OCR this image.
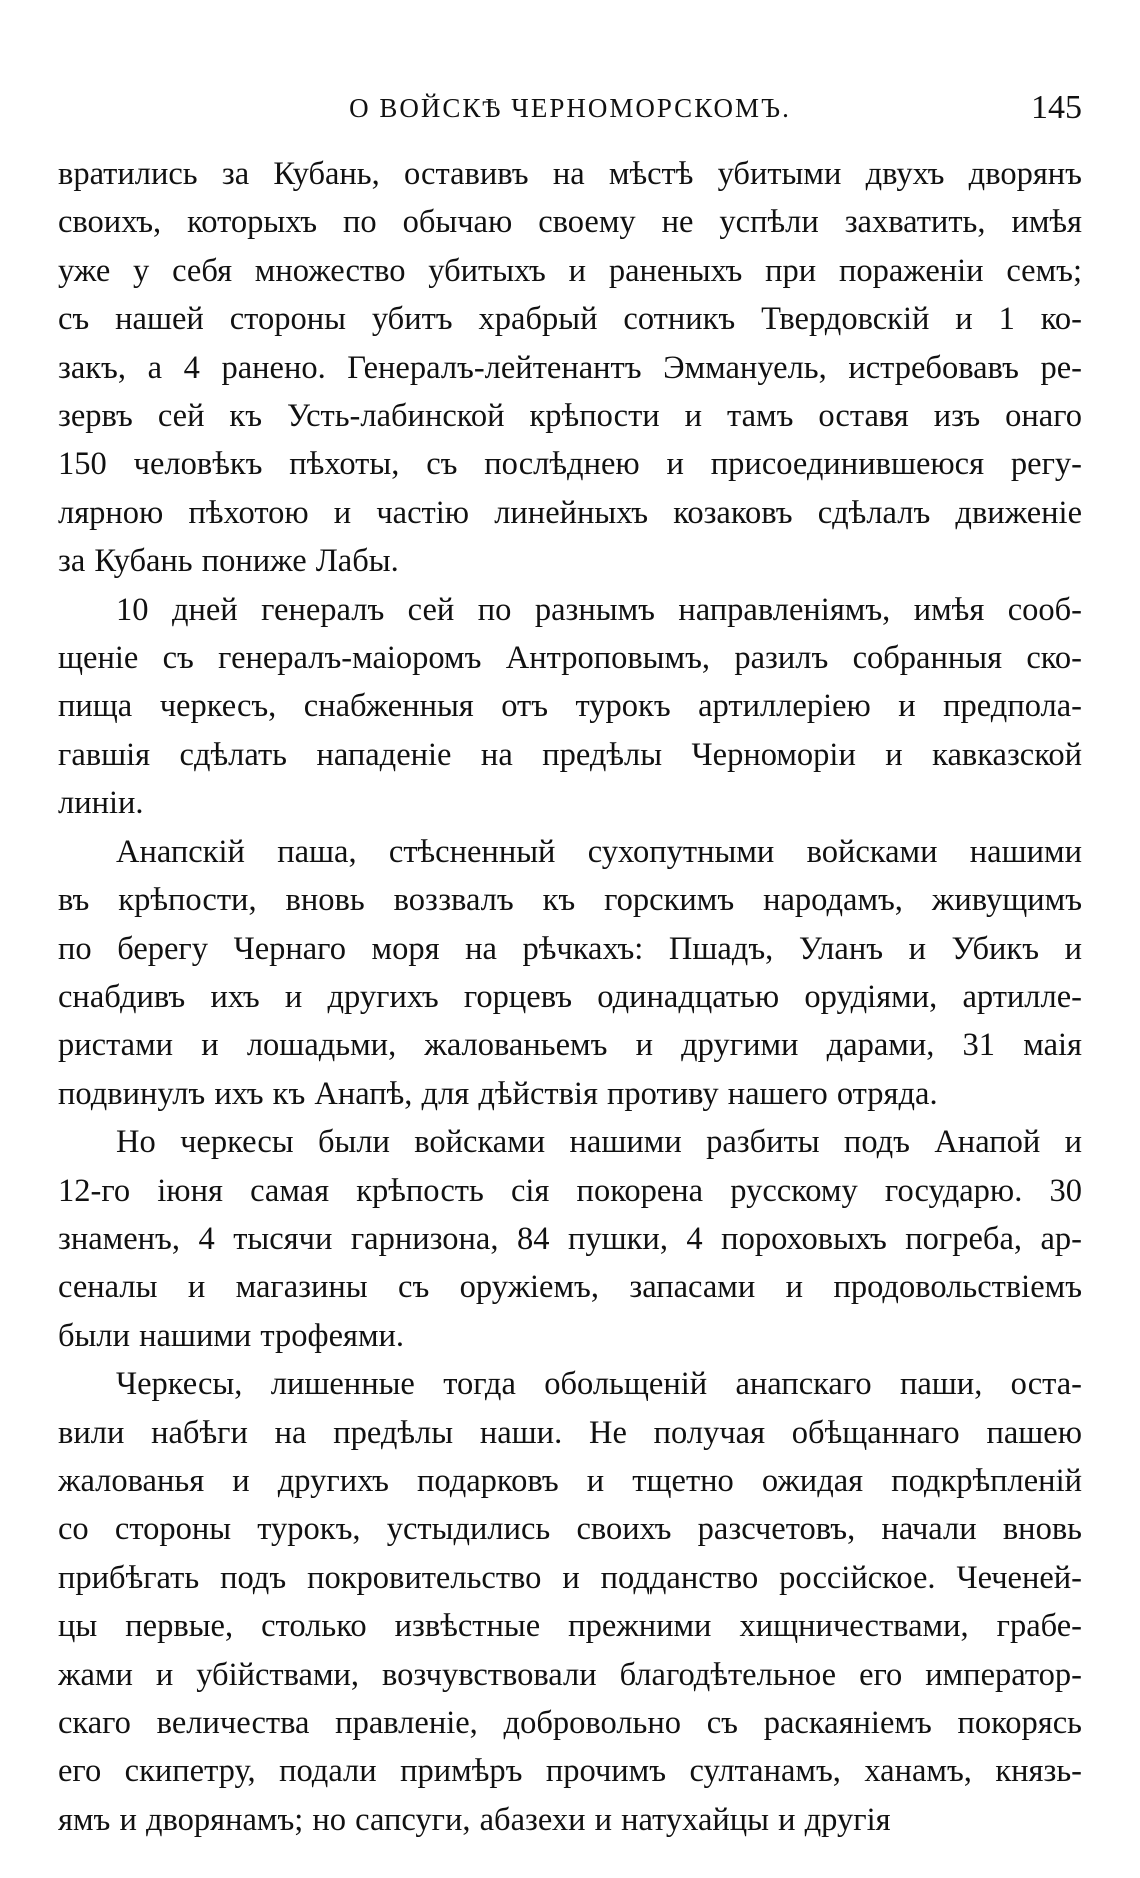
О ВОЙСКѢ ЧЕРНОМОРСКОМЪ.	145
вратились за Кубань, оставивъ на мѣстѣ убитыми двухъ дворянъ
своихъ, которыхъ по обычаю своему не успѣли захватить, имѣя
уже у себя множество убитыхъ и раненыхъ при пораженіи семъ;
съ нашей стороны убитъ храбрый сотникъ Твердовскій и 1 ко-
закъ, а 4 ранено. Генералъ-лейтенантъ Эммануель, истребовавъ ре-
зервъ сей къ Усть-лабинской крѣпости и тамъ оставя изъ онаго
150 человѣкъ пѣхоты, съ послѣднею и присоединившеюся регу-
лярною пѣхотою и частію линейныхъ козаковъ сдѣлалъ движеніе
за Кубань пониже Лабы.
10 дней генералъ сей по разнымъ направленіямъ, имѣя сооб-
щеніе съ генералъ-маіоромъ Антроповымъ, разилъ собранныя ско-
пища черкесъ, снабженныя отъ турокъ артиллеріею и предпола-
гавшія сдѣлать нападеніе на предѣлы Черноморіи и кавказской
линіи.
Анапскій паша, стѣсненный сухопутными войсками нашими
въ крѣпости, вновь воззвалъ къ горскимъ народамъ, живущимъ
по берегу Чернаго моря на рѣчкахъ: Пшадъ, Уланъ и Убикъ и
снабдивъ ихъ и другихъ горцевъ одинадцатью орудіями, артилле-
ристами и лошадьми, жалованьемъ и другими дарами, 31 маія
подвинулъ ихъ къ Анапѣ, для дѣйствія противу нашего отряда.
Но черкесы были войсками нашими разбиты подъ Анапой и
12-го іюня самая крѣпость сія покорена русскому государю. 30
знаменъ, 4 тысячи гарнизона, 84 пушки, 4 пороховыхъ погреба, ар-
сеналы и магазины съ оружіемъ, запасами и продовольствіемъ
были нашими трофеями.
Черкесы, лишенные тогда обольщеній анапскаго паши, оста-
вили набѣги на предѣлы наши. Не получая обѣщаннаго пашею
жалованья и другихъ подарковъ и тщетно ожидая подкрѣпленій
со стороны турокъ, устыдились своихъ разсчетовъ, начали вновь
прибѣгать подъ покровительство и подданство россійское. Чеченей-
цы первые, столько извѣстные прежними хищничествами, грабе-
жами и убійствами, возчувствовали благодѣтельное его император-
скаго величества правленіе, добровольно съ раскаяніемъ покорясь
его скипетру, подали примѣръ прочимъ султанамъ, ханамъ, князь-
ямъ и дворянамъ; но сапсуги, абазехи и натухайцы и другія
